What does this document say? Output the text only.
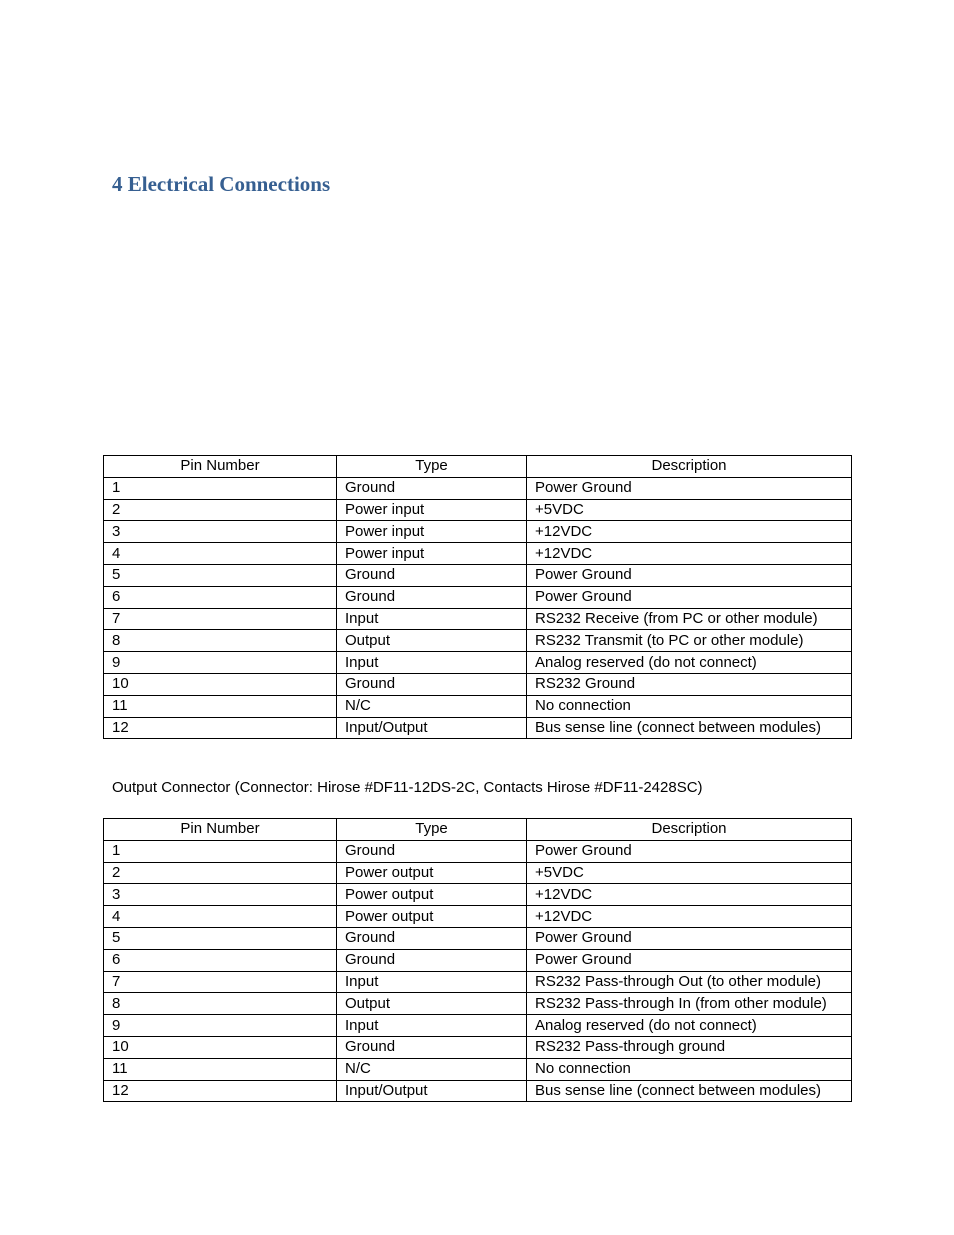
4 Electrical Connections
Pin Number	Type	Description
1	Ground	Power Ground
2	Power input	+5VDC
3	Power input	+12VDC
4	Power input	+12VDC
5	Ground	Power Ground
6	Ground	Power Ground
7	Input	RS232 Receive (from PC or other module)
8	Output	RS232 Transmit (to PC or other module)
9	Input	Analog reserved (do not connect)
10	Ground	RS232 Ground
11	N/C	No connection
12	Input/Output	Bus sense line (connect between modules)

Output Connector (Connector: Hirose #DF11-12DS-2C, Contacts Hirose #DF11-2428SC)

Pin Number	Type	Description
1	Ground	Power Ground
2	Power output	+5VDC
3	Power output	+12VDC
4	Power output	+12VDC
5	Ground	Power Ground
6	Ground	Power Ground
7	Input	RS232 Pass-through Out (to other module)
8	Output	RS232 Pass-through In (from other module)
9	Input	Analog reserved (do not connect)
10	Ground	RS232 Pass-through ground
11	N/C	No connection
12	Input/Output	Bus sense line (connect between modules)
